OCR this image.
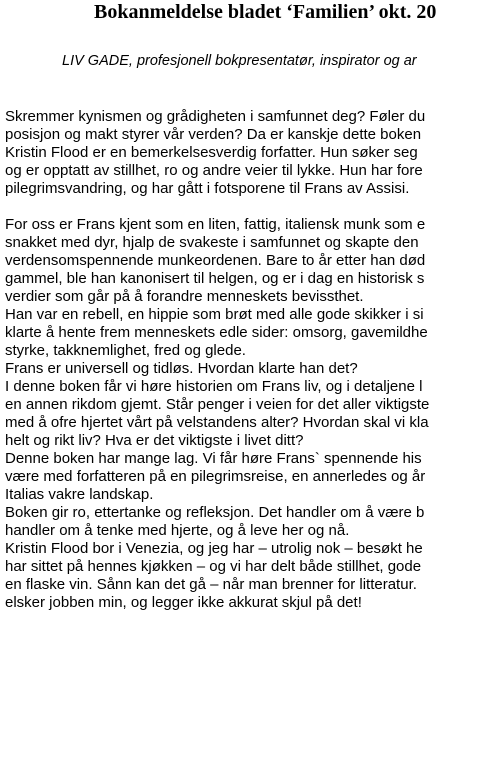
Bokanmeldelse bladet ‘Familien’ okt. 20
LIV GADE, profesjonell bokpresentatør, inspirator og ar
Skremmer kynismen og grådigheten i samfunnet deg? Føler du
posisjon og makt styrer vår verden? Da er kanskje dette boken
Kristin Flood er en bemerkelsesverdig forfatter. Hun søker seg
og er opptatt av stillhet, ro og andre veier til lykke. Hun har fore
pilegrimsvandring, og har gått i fotsporene til Frans av Assisi.
For oss er Frans kjent som en liten, fattig, italiensk munk som e
snakket med dyr, hjalp de svakeste i samfunnet og skapte den
verdensomspennende munkeordenen. Bare to år etter han død
gammel, ble han kanonisert til helgen, og er i dag en historisk s
verdier som går på å forandre menneskets bevissthet.
Han var en rebell, en hippie som brøt med alle gode skikker i si
klarte å hente frem menneskets edle sider: omsorg, gavemildhe
styrke, takknemlighet, fred og glede.
Frans er universell og tidløs. Hvordan klarte han det?
I denne boken får vi høre historien om Frans liv, og i detaljene l
en annen rikdom gjemt. Står penger i veien for det aller viktigste
med å ofre hjertet vårt på velstandens alter? Hvordan skal vi kla
helt og rikt liv? Hva er det viktigste i livet ditt?
Denne boken har mange lag. Vi får høre Frans` spennende his
være med forfatteren på en pilegrimsreise, en annerledes og år
Italias vakre landskap.
Boken gir ro, ettertanke og refleksjon. Det handler om å være b
handler om å tenke med hjerte, og å leve her og nå.
Kristin Flood bor i Venezia, og jeg har – utrolig nok – besøkt he
har sittet på hennes kjøkken – og vi har delt både stillhet, gode
en flaske vin. Sånn kan det gå – når man brenner for litteratur.
elsker jobben min, og legger ikke akkurat skjul på det!
